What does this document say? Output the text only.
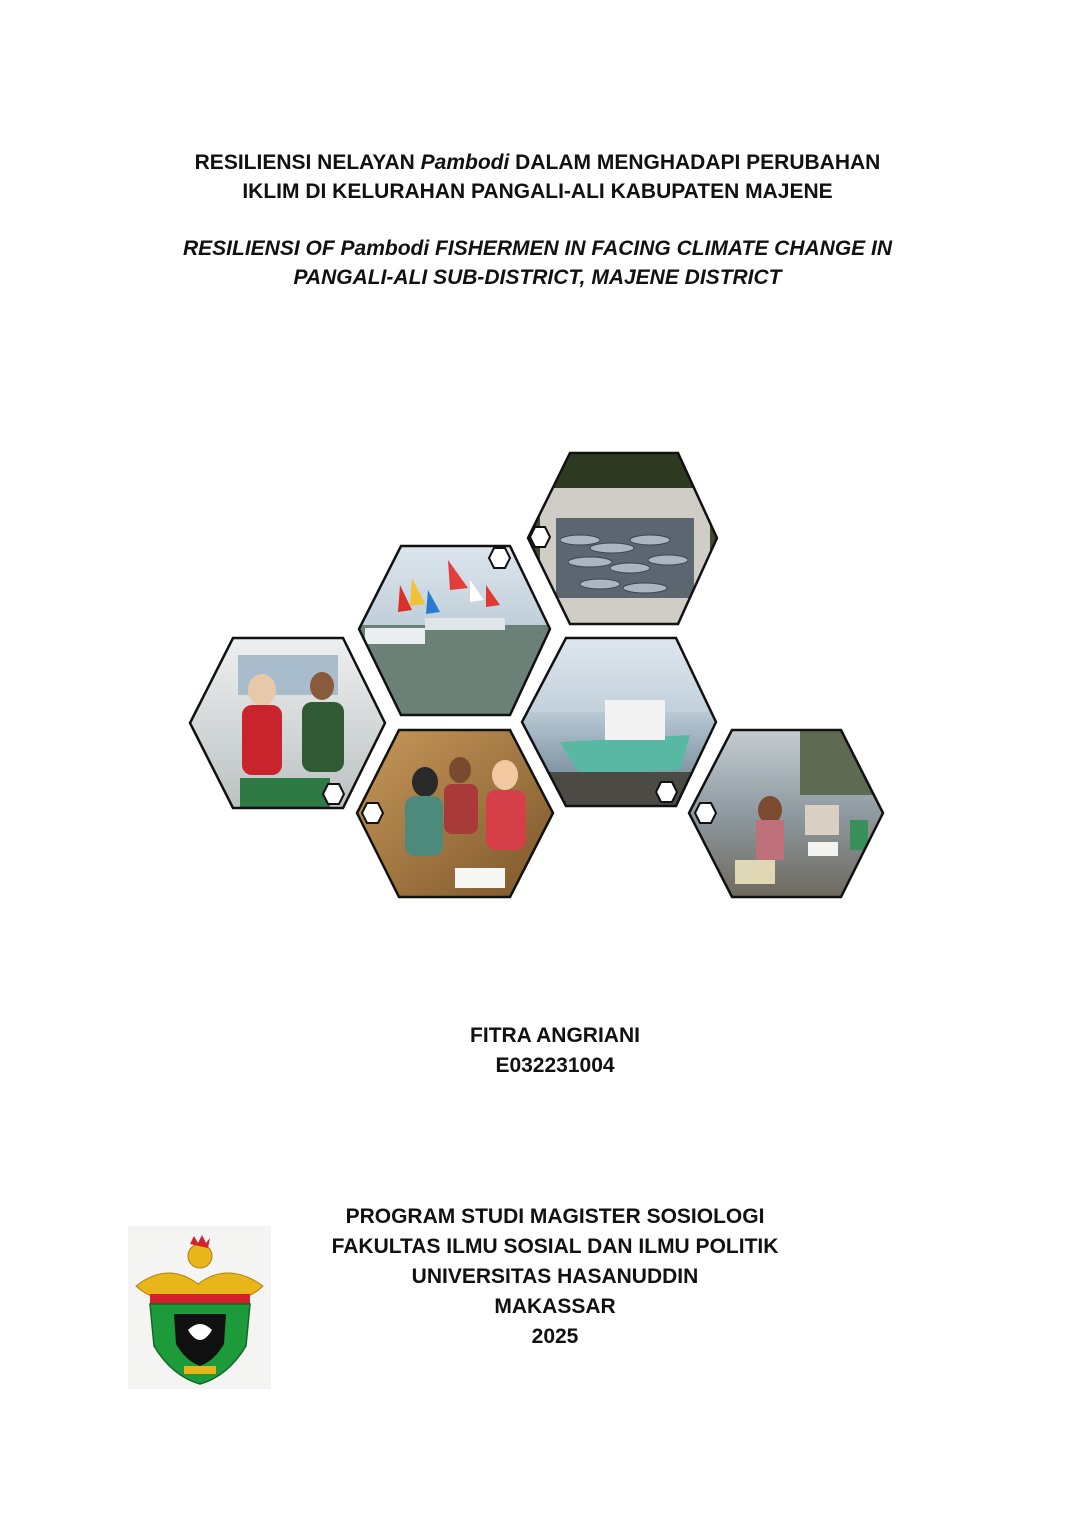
RESILIENSI NELAYAN Pambodi DALAM MENGHADAPI PERUBAHAN
IKLIM DI KELURAHAN PANGALI-ALI KABUPATEN MAJENE
RESILIENSI OF Pambodi FISHERMEN IN FACING CLIMATE CHANGE IN
PANGALI-ALI SUB-DISTRICT, MAJENE DISTRICT
FITRA ANGRIANI
E032231004
PROGRAM STUDI MAGISTER SOSIOLOGI
FAKULTAS ILMU SOSIAL DAN ILMU POLITIK
UNIVERSITAS HASANUDDIN
MAKASSAR
2025
